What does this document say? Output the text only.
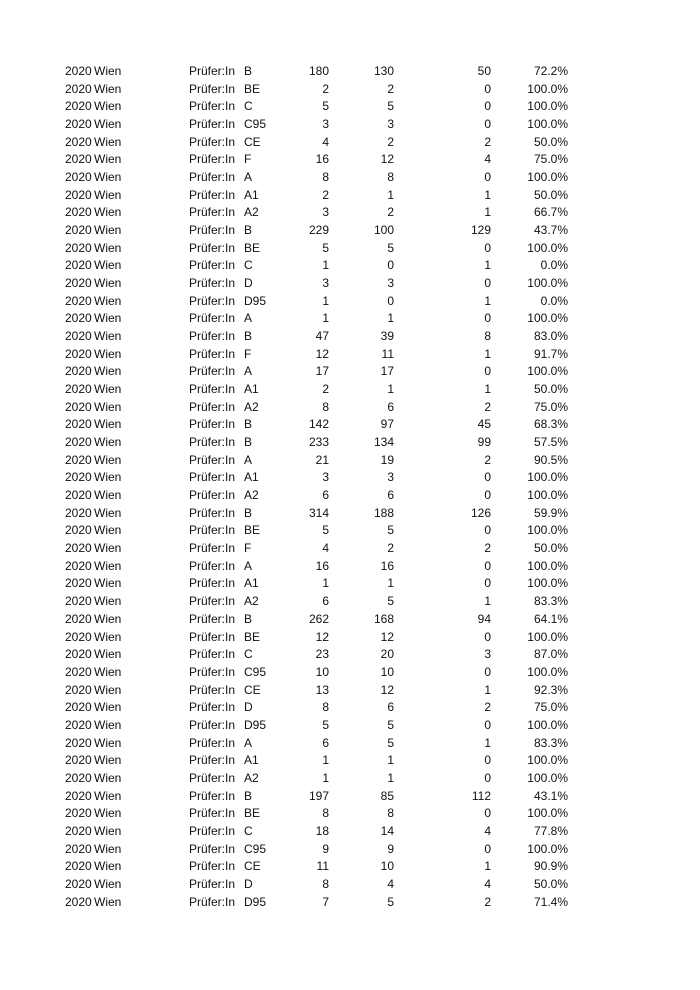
2020 Wien	Prüfer:In B	180	130	50	72.2%
2020 Wien	Prüfer:In BE	2	2	0	100.0%
2020 Wien	Prüfer:In C	5	5	0	100.0%
2020 Wien	Prüfer:In C95	3	3	0	100.0%
2020 Wien	Prüfer:In CE	4	2	2	50.0%
2020 Wien	Prüfer:In F	16	12	4	75.0%
2020 Wien	Prüfer:In A	8	8	0	100.0%
2020 Wien	Prüfer:In A1	2	1	1	50.0%
2020 Wien	Prüfer:In A2	3	2	1	66.7%
2020 Wien	Prüfer:In B	229	100	129	43.7%
2020 Wien	Prüfer:In BE	5	5	0	100.0%
2020 Wien	Prüfer:In C	1	0	1	0.0%
2020 Wien	Prüfer:In D	3	3	0	100.0%
2020 Wien	Prüfer:In D95	1	0	1	0.0%
2020 Wien	Prüfer:In A	1	1	0	100.0%
2020 Wien	Prüfer:In B	47	39	8	83.0%
2020 Wien	Prüfer:In F	12	11	1	91.7%
2020 Wien	Prüfer:In A	17	17	0	100.0%
2020 Wien	Prüfer:In A1	2	1	1	50.0%
2020 Wien	Prüfer:In A2	8	6	2	75.0%
2020 Wien	Prüfer:In B	142	97	45	68.3%
2020 Wien	Prüfer:In B	233	134	99	57.5%
2020 Wien	Prüfer:In A	21	19	2	90.5%
2020 Wien	Prüfer:In A1	3	3	0	100.0%
2020 Wien	Prüfer:In A2	6	6	0	100.0%
2020 Wien	Prüfer:In B	314	188	126	59.9%
2020 Wien	Prüfer:In BE	5	5	0	100.0%
2020 Wien	Prüfer:In F	4	2	2	50.0%
2020 Wien	Prüfer:In A	16	16	0	100.0%
2020 Wien	Prüfer:In A1	1	1	0	100.0%
2020 Wien	Prüfer:In A2	6	5	1	83.3%
2020 Wien	Prüfer:In B	262	168	94	64.1%
2020 Wien	Prüfer:In BE	12	12	0	100.0%
2020 Wien	Prüfer:In C	23	20	3	87.0%
2020 Wien	Prüfer:In C95	10	10	0	100.0%
2020 Wien	Prüfer:In CE	13	12	1	92.3%
2020 Wien	Prüfer:In D	8	6	2	75.0%
2020 Wien	Prüfer:In D95	5	5	0	100.0%
2020 Wien	Prüfer:In A	6	5	1	83.3%
2020 Wien	Prüfer:In A1	1	1	0	100.0%
2020 Wien	Prüfer:In A2	1	1	0	100.0%
2020 Wien	Prüfer:In B	197	85	112	43.1%
2020 Wien	Prüfer:In BE	8	8	0	100.0%
2020 Wien	Prüfer:In C	18	14	4	77.8%
2020 Wien	Prüfer:In C95	9	9	0	100.0%
2020 Wien	Prüfer:In CE	11	10	1	90.9%
2020 Wien	Prüfer:In D	8	4	4	50.0%
2020 Wien	Prüfer:In D95	7	5	2	71.4%
